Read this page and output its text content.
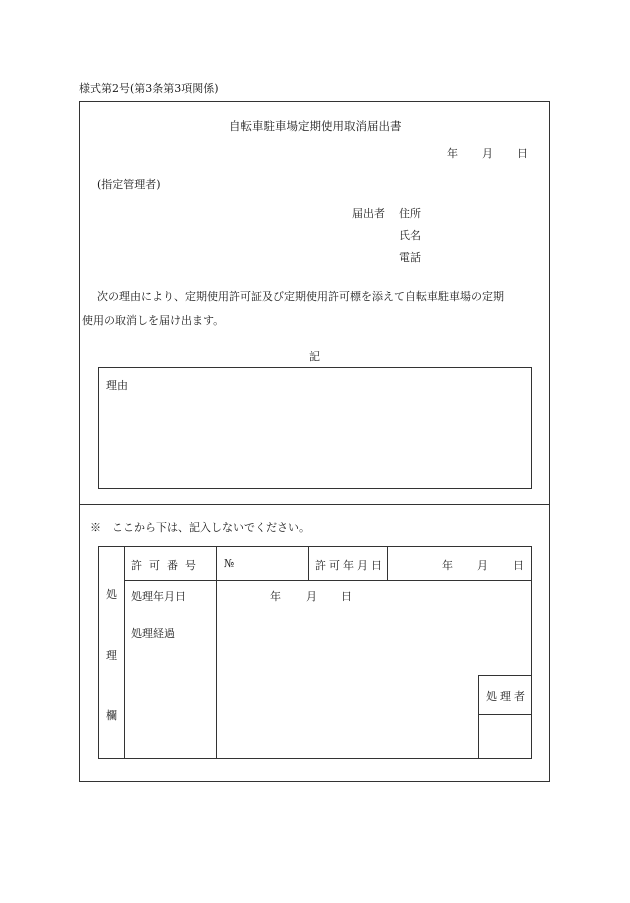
様式第2号(第3条第3項関係)
自転車駐車場定期使用取消届出書
年 月 日
(指定管理者)
届出者 住所
氏名
電話
次の理由により、定期使用許可証及び定期使用許可標を添えて自転車駐車場の定期
使用の取消しを届け出ます。
記
理由
※　ここから下は、記入しないでください。
処
理
欄
許可番号 №	許可年月日	年 月 日
処理年月日	年 月 日
処理経過
処理者
